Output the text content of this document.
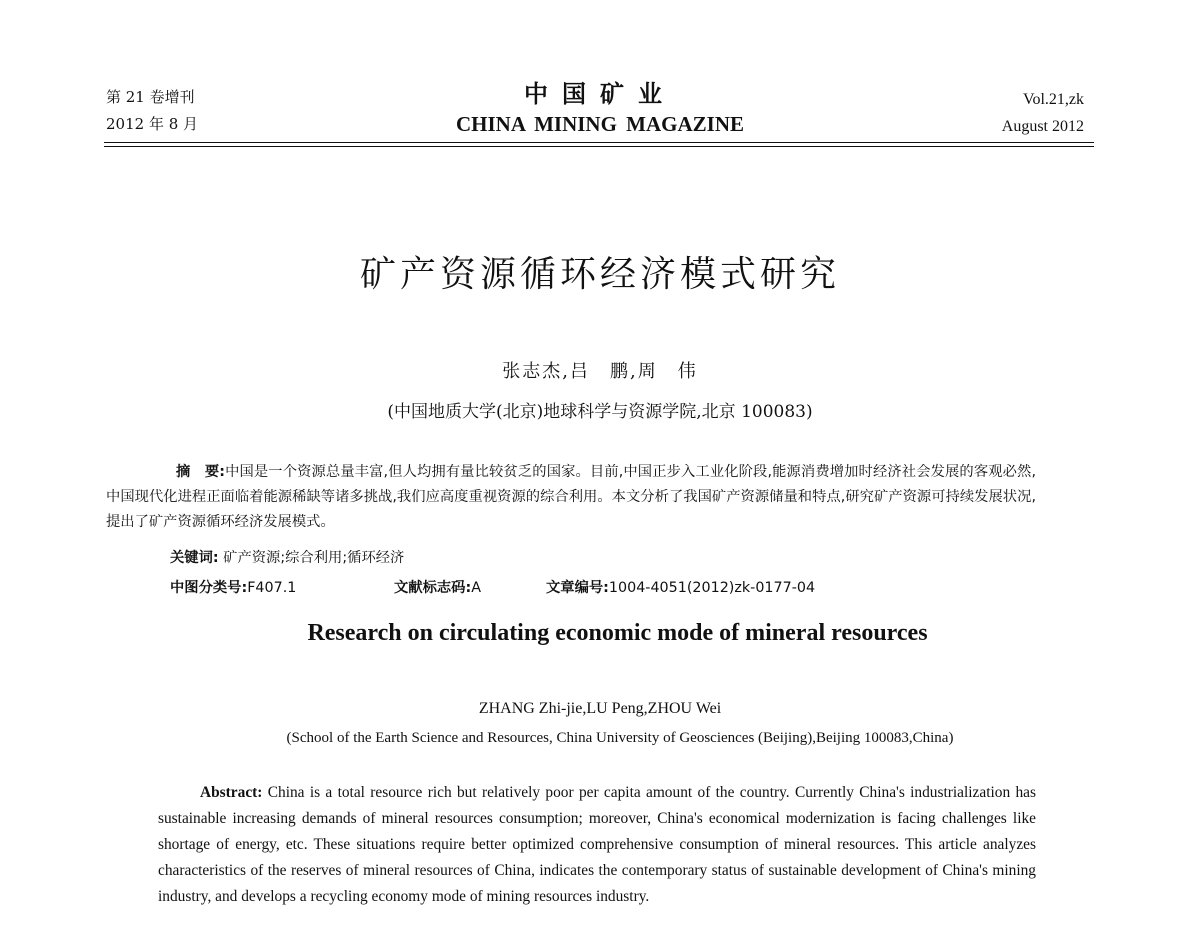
第 21 卷增刊
2012 年 8 月
中国矿业
CHINA MINING MAGAZINE
Vol.21,zk
August 2012
矿产资源循环经济模式研究
张志杰,吕　鹏,周　伟
(中国地质大学(北京)地球科学与资源学院,北京 100083)

摘　要:中国是一个资源总量丰富,但人均拥有量比较贫乏的国家。目前,中国正步入工业化阶段,能源消费增加时经济社会发展的客观必然,中国现代化进程正面临着能源稀缺等诸多挑战,我们应高度重视资源的综合利用。本文分析了我国矿产资源储量和特点,研究矿产资源可持续发展状况,提出了矿产资源循环经济发展模式。

关键词: 矿产资源;综合利用;循环经济
中图分类号:F407.1	文献标志码:A	文章编号:1004-4051(2012)zk-0177-04
Research on circulating economic mode of mineral resources
ZHANG Zhi-jie,LU Peng,ZHOU Wei
(School of the Earth Science and Resources, China University of Geosciences (Beijing),Beijing 100083,China)

Abstract: China is a total resource rich but relatively poor per capita amount of the country. Currently China's industrialization has sustainable increasing demands of mineral resources consumption; moreover, China's economical modernization is facing challenges like shortage of energy, etc. These situations require better optimized comprehensive consumption of mineral resources. This article analyzes characteristics of the reserves of mineral resources of China, indicates the contemporary status of sustainable development of China's mining industry, and develops a recycling economy mode of mining resources industry.
